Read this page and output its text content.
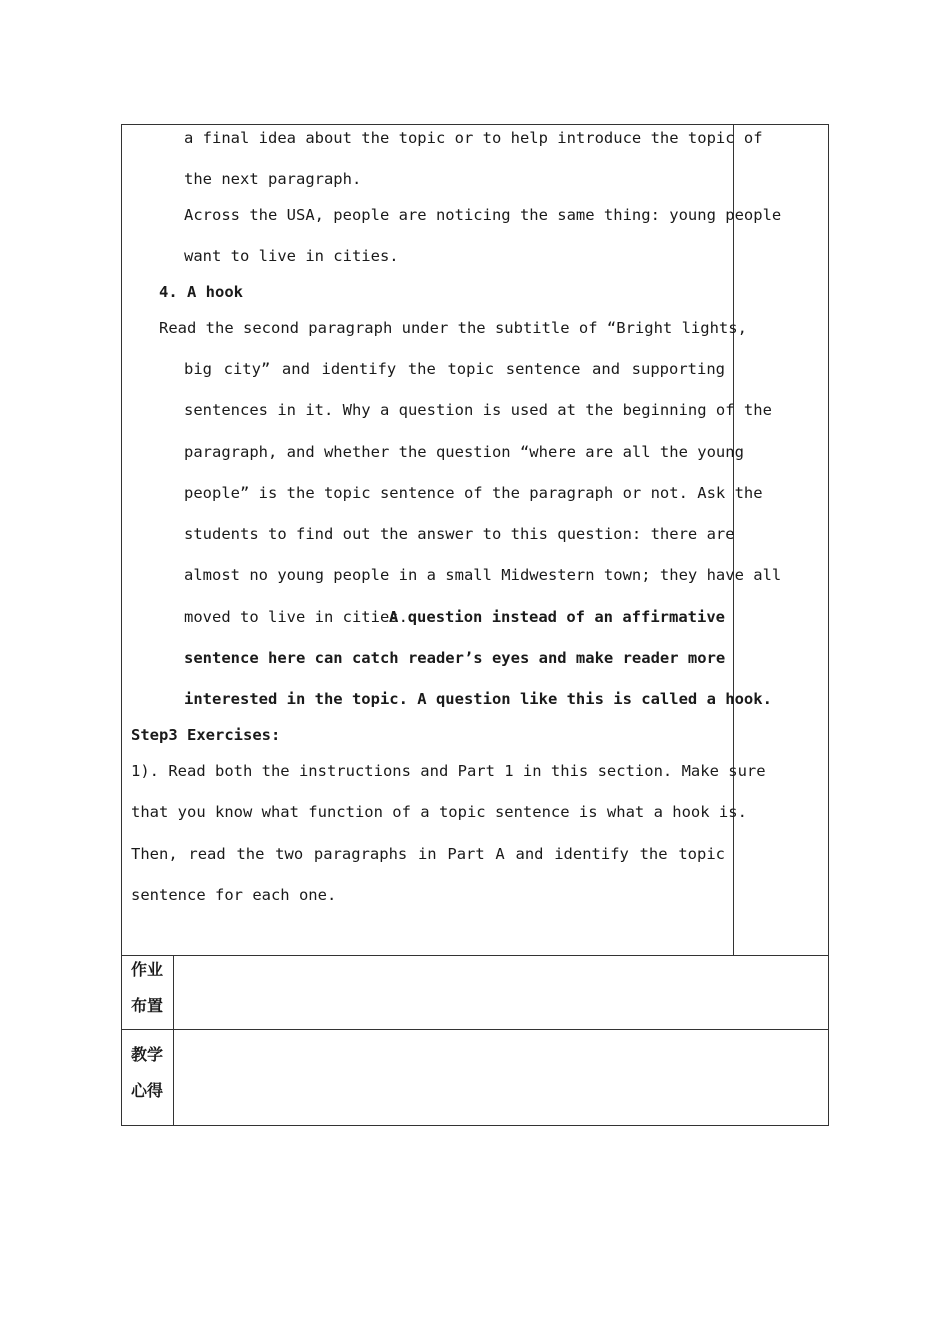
a final idea about the topic or to help introduce the topic of
the next paragraph.
Across the USA, people are noticing the same thing: young people
want to live in cities.
4. A hook
Read the second paragraph under the subtitle of “Bright lights,
big city” and identify the topic sentence and supporting
sentences in it. Why a question is used at the beginning of the
paragraph, and whether the question “where are all the young
people” is the topic sentence of the paragraph or not. Ask the
students to find out the answer to this question: there are
almost no young people in a small Midwestern town; they have all
moved to live in cities.
A question instead of an affirmative
sentence here can catch reader’s eyes and make reader more
interested in the topic. A question like this is called a hook.
Step3 Exercises:
1). Read both the instructions and Part 1 in this section. Make sure
that you know what function of a topic sentence is what a hook is.
Then, read the two paragraphs in Part A and identify the topic
sentence for each one.
作业
布置
教学
心得
